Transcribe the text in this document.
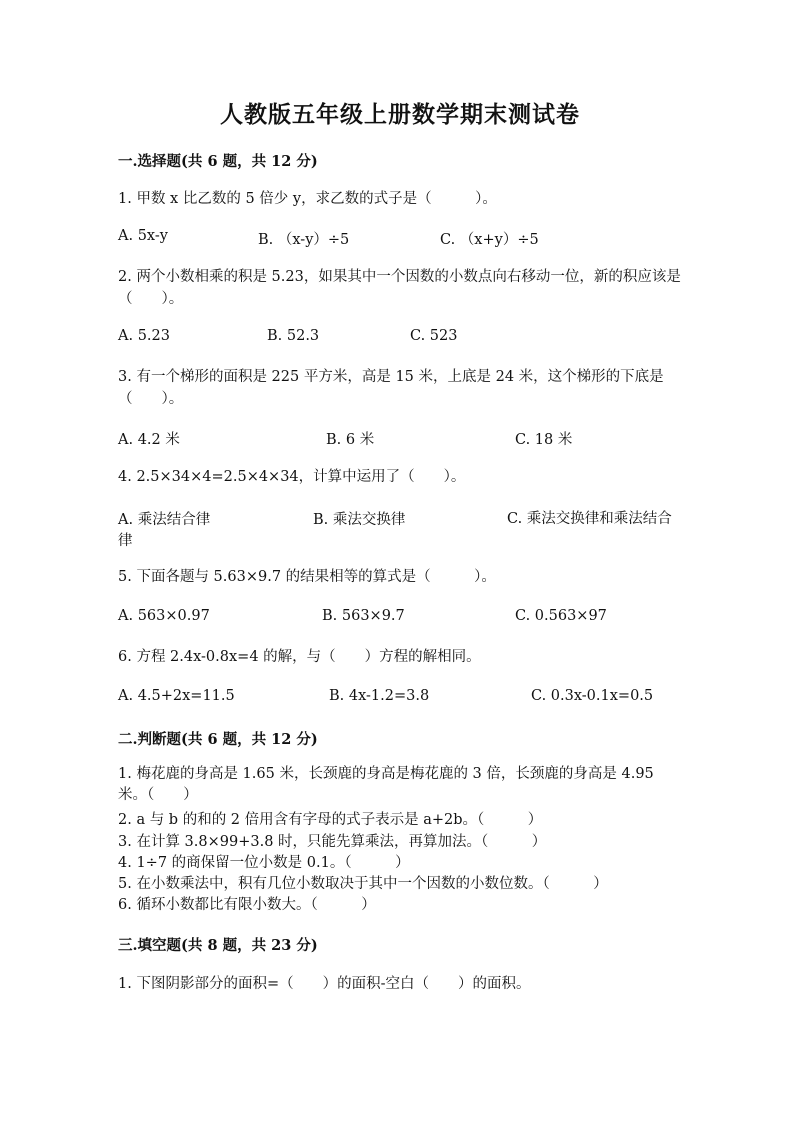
人教版五年级上册数学期末测试卷
一.选择题(共 6 题，共 12 分)
1. 甲数 x 比乙数的 5 倍少 y，求乙数的式子是（　　　）。
A. 5x-y	B. （x-y）÷5	C. （x+y）÷5
2. 两个小数相乘的积是 5.23，如果其中一个因数的小数点向右移动一位，新的积应该是（　　）。
A. 5.23	B. 52.3	C. 523
3. 有一个梯形的面积是 225 平方米，高是 15 米，上底是 24 米，这个梯形的下底是（　　）。
A. 4.2 米	B. 6 米	C. 18 米
4. 2.5×34×4=2.5×4×34，计算中运用了（　　）。
A. 乘法结合律	B. 乘法交换律	C. 乘法交换律和乘法结合律
5. 下面各题与 5.63×9.7 的结果相等的算式是（　　　）。
A. 563×0.97	B. 563×9.7	C. 0.563×97
6. 方程 2.4x-0.8x=4 的解，与（　　）方程的解相同。
A. 4.5+2x=11.5	B. 4x-1.2=3.8	C. 0.3x-0.1x=0.5
二.判断题(共 6 题，共 12 分)
1. 梅花鹿的身高是 1.65 米，长颈鹿的身高是梅花鹿的 3 倍，长颈鹿的身高是 4.95 米。（　　）
2. a 与 b 的和的 2 倍用含有字母的式子表示是 a+2b。（　　　）
3. 在计算 3.8×99+3.8 时，只能先算乘法，再算加法。（　　　）
4. 1÷7 的商保留一位小数是 0.1。（　　　）
5. 在小数乘法中，积有几位小数取决于其中一个因数的小数位数。（　　　）
6. 循环小数都比有限小数大。（　　　）
三.填空题(共 8 题，共 23 分)
1. 下图阴影部分的面积=（　　）的面积-空白（　　）的面积。
